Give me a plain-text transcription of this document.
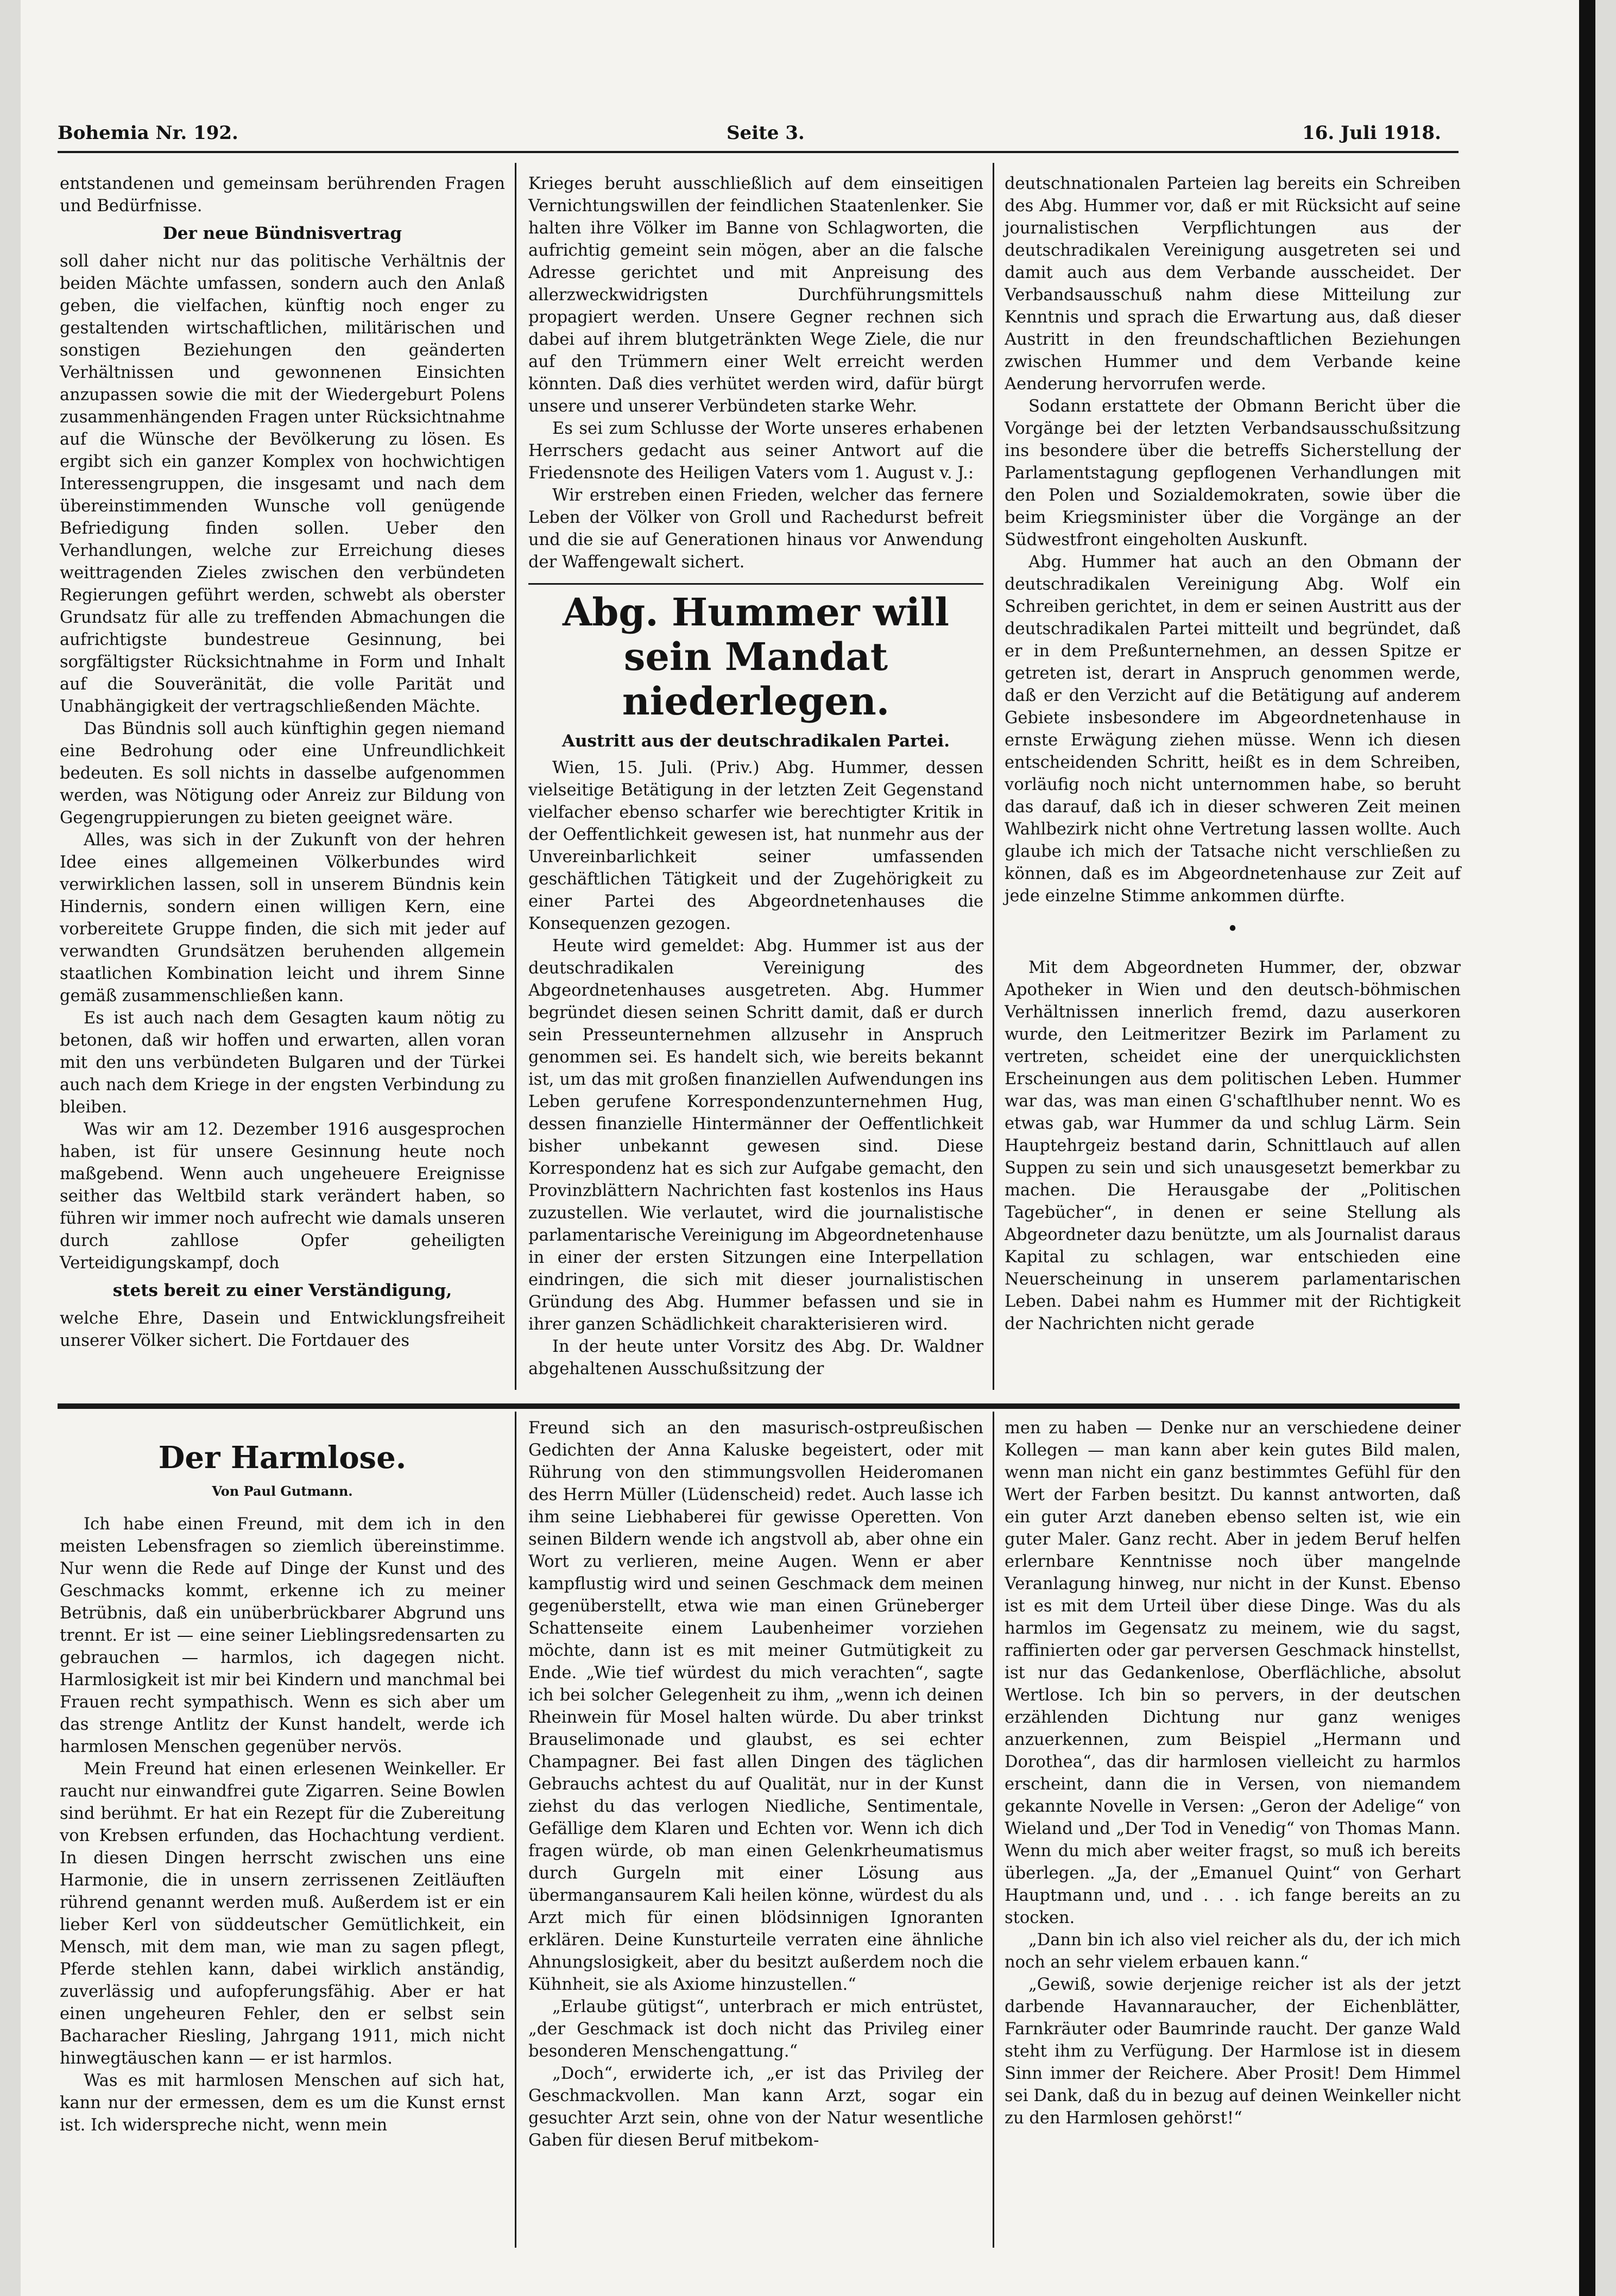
Bohemia Nr. 192.	Seite 3.	16. Juli 1918.

entstandenen und gemeinsam berührenden Fragen und Bedürfnisse.

Der neue Bündnisvertrag

soll daher nicht nur das politische Verhältnis der beiden Mächte umfassen, sondern auch den Anlaß geben, die vielfachen, künftig noch enger zu gestaltenden wirtschaftlichen, militärischen und sonstigen Beziehungen den geänderten Verhältnissen und gewonnenen Einsichten anzupassen sowie die mit der Wiedergeburt Polens zusammenhängenden Fragen unter Rücksichtnahme auf die Wünsche der Bevölkerung zu lösen. Es ergibt sich ein ganzer Komplex von hochwichtigen Interessengruppen, die insgesamt und nach dem übereinstimmenden Wunsche voll genügende Befriedigung finden sollen. Ueber den Verhandlungen, welche zur Erreichung dieses weittragenden Zieles zwischen den verbündeten Regierungen geführt werden, schwebt als oberster Grundsatz für alle zu treffenden Abmachungen die aufrichtigste bundestreue Gesinnung, bei sorgfältigster Rücksichtnahme in Form und Inhalt auf die Souveränität, die volle Parität und Unabhängigkeit der vertragschließenden Mächte.

Das Bündnis soll auch künftighin gegen niemand eine Bedrohung oder eine Unfreundlichkeit bedeuten. Es soll nichts in dasselbe aufgenommen werden, was Nötigung oder Anreiz zur Bildung von Gegengruppierungen zu bieten geeignet wäre.

Alles, was sich in der Zukunft von der hehren Idee eines allgemeinen Völkerbundes wird verwirklichen lassen, soll in unserem Bündnis kein Hindernis, sondern einen willigen Kern, eine vorbereitete Gruppe finden, die sich mit jeder auf verwandten Grundsätzen beruhenden allgemein staatlichen Kombination leicht und ihrem Sinne gemäß zusammenschließen kann.

Es ist auch nach dem Gesagten kaum nötig zu betonen, daß wir hoffen und erwarten, allen voran mit den uns verbündeten Bulgaren und der Türkei auch nach dem Kriege in der engsten Verbindung zu bleiben.

Was wir am 12. Dezember 1916 ausgesprochen haben, ist für unsere Gesinnung heute noch maßgebend. Wenn auch ungeheuere Ereignisse seither das Weltbild stark verändert haben, so führen wir immer noch aufrecht wie damals unseren durch zahllose Opfer geheiligten Verteidigungskampf, doch

stets bereit zu einer Verständigung,

welche Ehre, Dasein und Entwicklungsfreiheit unserer Völker sichert. Die Fortdauer des

Krieges beruht ausschließlich auf dem einseitigen Vernichtungswillen der feindlichen Staatenlenker. Sie halten ihre Völker im Banne von Schlagworten, die aufrichtig gemeint sein mögen, aber an die falsche Adresse gerichtet und mit Anpreisung des allerzweckwidrigsten Durchführungsmittels propagiert werden. Unsere Gegner rechnen sich dabei auf ihrem blutgetränkten Wege Ziele, die nur auf den Trümmern einer Welt erreicht werden könnten. Daß dies verhütet werden wird, dafür bürgt unsere und unserer Verbündeten starke Wehr.

Es sei zum Schlusse der Worte unseres erhabenen Herrschers gedacht aus seiner Antwort auf die Friedensnote des Heiligen Vaters vom 1. August v. J.:

Wir erstreben einen Frieden, welcher das fernere Leben der Völker von Groll und Rachedurst befreit und die sie auf Generationen hinaus vor Anwendung der Waffengewalt sichert.

Abg. Hummer will sein Mandat niederlegen.
Austritt aus der deutschradikalen Partei.

Wien, 15. Juli. (Priv.) Abg. Hummer, dessen vielseitige Betätigung in der letzten Zeit Gegenstand vielfacher ebenso scharfer wie berechtigter Kritik in der Oeffentlichkeit gewesen ist, hat nunmehr aus der Unvereinbarlichkeit seiner umfassenden geschäftlichen Tätigkeit und der Zugehörigkeit zu einer Partei des Abgeordnetenhauses die Konsequenzen gezogen.

Heute wird gemeldet: Abg. Hummer ist aus der deutschradikalen Vereinigung des Abgeordnetenhauses ausgetreten. Abg. Hummer begründet diesen seinen Schritt damit, daß er durch sein Presseunternehmen allzusehr in Anspruch genommen sei. Es handelt sich, wie bereits bekannt ist, um das mit großen finanziellen Aufwendungen ins Leben gerufene Korrespondenzunternehmen Hug, dessen finanzielle Hintermänner der Oeffentlichkeit bisher unbekannt gewesen sind. Diese Korrespondenz hat es sich zur Aufgabe gemacht, den Provinzblättern Nachrichten fast kostenlos ins Haus zuzustellen. Wie verlautet, wird die journalistische parlamentarische Vereinigung im Abgeordnetenhause in einer der ersten Sitzungen eine Interpellation eindringen, die sich mit dieser journalistischen Gründung des Abg. Hummer befassen und sie in ihrer ganzen Schädlichkeit charakterisieren wird.

In der heute unter Vorsitz des Abg. Dr. Waldner abgehaltenen Ausschußsitzung der

deutschnationalen Parteien lag bereits ein Schreiben des Abg. Hummer vor, daß er mit Rücksicht auf seine journalistischen Verpflichtungen aus der deutschradikalen Vereinigung ausgetreten sei und damit auch aus dem Verbande ausscheidet. Der Verbandsausschuß nahm diese Mitteilung zur Kenntnis und sprach die Erwartung aus, daß dieser Austritt in den freundschaftlichen Beziehungen zwischen Hummer und dem Verbande keine Aenderung hervorrufen werde.

Sodann erstattete der Obmann Bericht über die Vorgänge bei der letzten Verbandsausschußsitzung ins besondere über die betreffs Sicherstellung der Parlamentstagung gepflogenen Verhandlungen mit den Polen und Sozialdemokraten, sowie über die beim Kriegsminister über die Vorgänge an der Südwestfront eingeholten Auskunft.

Abg. Hummer hat auch an den Obmann der deutschradikalen Vereinigung Abg. Wolf ein Schreiben gerichtet, in dem er seinen Austritt aus der deutschradikalen Partei mitteilt und begründet, daß er in dem Preßunternehmen, an dessen Spitze er getreten ist, derart in Anspruch genommen werde, daß er den Verzicht auf die Betätigung auf anderem Gebiete insbesondere im Abgeordnetenhause in ernste Erwägung ziehen müsse. Wenn ich diesen entscheidenden Schritt, heißt es in dem Schreiben, vorläufig noch nicht unternommen habe, so beruht das darauf, daß ich in dieser schweren Zeit meinen Wahlbezirk nicht ohne Vertretung lassen wollte. Auch glaube ich mich der Tatsache nicht verschließen zu können, daß es im Abgeordnetenhause zur Zeit auf jede einzelne Stimme ankommen dürfte.

•

Mit dem Abgeordneten Hummer, der, obzwar Apotheker in Wien und den deutsch-böhmischen Verhältnissen innerlich fremd, dazu auserkoren wurde, den Leitmeritzer Bezirk im Parlament zu vertreten, scheidet eine der unerquicklichsten Erscheinungen aus dem politischen Leben. Hummer war das, was man einen G'schaftlhuber nennt. Wo es etwas gab, war Hummer da und schlug Lärm. Sein Hauptehrgeiz bestand darin, Schnittlauch auf allen Suppen zu sein und sich unausgesetzt bemerkbar zu machen. Die Herausgabe der „Politischen Tagebücher“, in denen er seine Stellung als Abgeordneter dazu benützte, um als Journalist daraus Kapital zu schlagen, war entschieden eine Neuerscheinung in unserem parlamentarischen Leben. Dabei nahm es Hummer mit der Richtigkeit der Nachrichten nicht gerade

Der Harmlose.
Von Paul Gutmann.

Ich habe einen Freund, mit dem ich in den meisten Lebensfragen so ziemlich übereinstimme. Nur wenn die Rede auf Dinge der Kunst und des Geschmacks kommt, erkenne ich zu meiner Betrübnis, daß ein unüberbrückbarer Abgrund uns trennt. Er ist — eine seiner Lieblingsredensarten zu gebrauchen — harmlos, ich dagegen nicht. Harmlosigkeit ist mir bei Kindern und manchmal bei Frauen recht sympathisch. Wenn es sich aber um das strenge Antlitz der Kunst handelt, werde ich harmlosen Menschen gegenüber nervös.

Mein Freund hat einen erlesenen Weinkeller. Er raucht nur einwandfrei gute Zigarren. Seine Bowlen sind berühmt. Er hat ein Rezept für die Zubereitung von Krebsen erfunden, das Hochachtung verdient. In diesen Dingen herrscht zwischen uns eine Harmonie, die in unsern zerrissenen Zeitläuften rührend genannt werden muß. Außerdem ist er ein lieber Kerl von süddeutscher Gemütlichkeit, ein Mensch, mit dem man, wie man zu sagen pflegt, Pferde stehlen kann, dabei wirklich anständig, zuverlässig und aufopferungsfähig. Aber er hat einen ungeheuren Fehler, den er selbst sein Bacharacher Riesling, Jahrgang 1911, mich nicht hinwegtäuschen kann — er ist harmlos.

Was es mit harmlosen Menschen auf sich hat, kann nur der ermessen, dem es um die Kunst ernst ist. Ich widerspreche nicht, wenn mein

Freund sich an den masurisch-ostpreußischen Gedichten der Anna Kaluske begeistert, oder mit Rührung von den stimmungsvollen Heideromanen des Herrn Müller (Lüdenscheid) redet. Auch lasse ich ihm seine Liebhaberei für gewisse Operetten. Von seinen Bildern wende ich angstvoll ab, aber ohne ein Wort zu verlieren, meine Augen. Wenn er aber kampflustig wird und seinen Geschmack dem meinen gegenüberstellt, etwa wie man einen Grüneberger Schattenseite einem Laubenheimer vorziehen möchte, dann ist es mit meiner Gutmütigkeit zu Ende. „Wie tief würdest du mich verachten“, sagte ich bei solcher Gelegenheit zu ihm, „wenn ich deinen Rheinwein für Mosel halten würde. Du aber trinkst Brauselimonade und glaubst, es sei echter Champagner. Bei fast allen Dingen des täglichen Gebrauchs achtest du auf Qualität, nur in der Kunst ziehst du das verlogen Niedliche, Sentimentale, Gefällige dem Klaren und Echten vor. Wenn ich dich fragen würde, ob man einen Gelenkrheumatismus durch Gurgeln mit einer Lösung aus übermangansaurem Kali heilen könne, würdest du als Arzt mich für einen blödsinnigen Ignoranten erklären. Deine Kunsturteile verraten eine ähnliche Ahnungslosigkeit, aber du besitzt außerdem noch die Kühnheit, sie als Axiome hinzustellen.“

„Erlaube gütigst“, unterbrach er mich entrüstet, „der Geschmack ist doch nicht das Privileg einer besonderen Menschengattung.“

„Doch“, erwiderte ich, „er ist das Privileg der Geschmackvollen. Man kann Arzt, sogar ein gesuchter Arzt sein, ohne von der Natur wesentliche Gaben für diesen Beruf mitbekom-

men zu haben — Denke nur an verschiedene deiner Kollegen — man kann aber kein gutes Bild malen, wenn man nicht ein ganz bestimmtes Gefühl für den Wert der Farben besitzt. Du kannst antworten, daß ein guter Arzt daneben ebenso selten ist, wie ein guter Maler. Ganz recht. Aber in jedem Beruf helfen erlernbare Kenntnisse noch über mangelnde Veranlagung hinweg, nur nicht in der Kunst. Ebenso ist es mit dem Urteil über diese Dinge. Was du als harmlos im Gegensatz zu meinem, wie du sagst, raffinierten oder gar perversen Geschmack hinstellst, ist nur das Gedankenlose, Oberflächliche, absolut Wertlose. Ich bin so pervers, in der deutschen erzählenden Dichtung nur ganz weniges anzuerkennen, zum Beispiel „Hermann und Dorothea“, das dir harmlosen vielleicht zu harmlos erscheint, dann die in Versen, von niemandem gekannte Novelle in Versen: „Geron der Adelige“ von Wieland und „Der Tod in Venedig“ von Thomas Mann. Wenn du mich aber weiter fragst, so muß ich bereits überlegen. „Ja, der „Emanuel Quint“ von Gerhart Hauptmann und, und . . . ich fange bereits an zu stocken.

„Dann bin ich also viel reicher als du, der ich mich noch an sehr vielem erbauen kann.“

„Gewiß, sowie derjenige reicher ist als der jetzt darbende Havannaraucher, der Eichenblätter, Farnkräuter oder Baumrinde raucht. Der ganze Wald steht ihm zu Verfügung. Der Harmlose ist in diesem Sinn immer der Reichere. Aber Prosit! Dem Himmel sei Dank, daß du in bezug auf deinen Weinkeller nicht zu den Harmlosen gehörst!“
